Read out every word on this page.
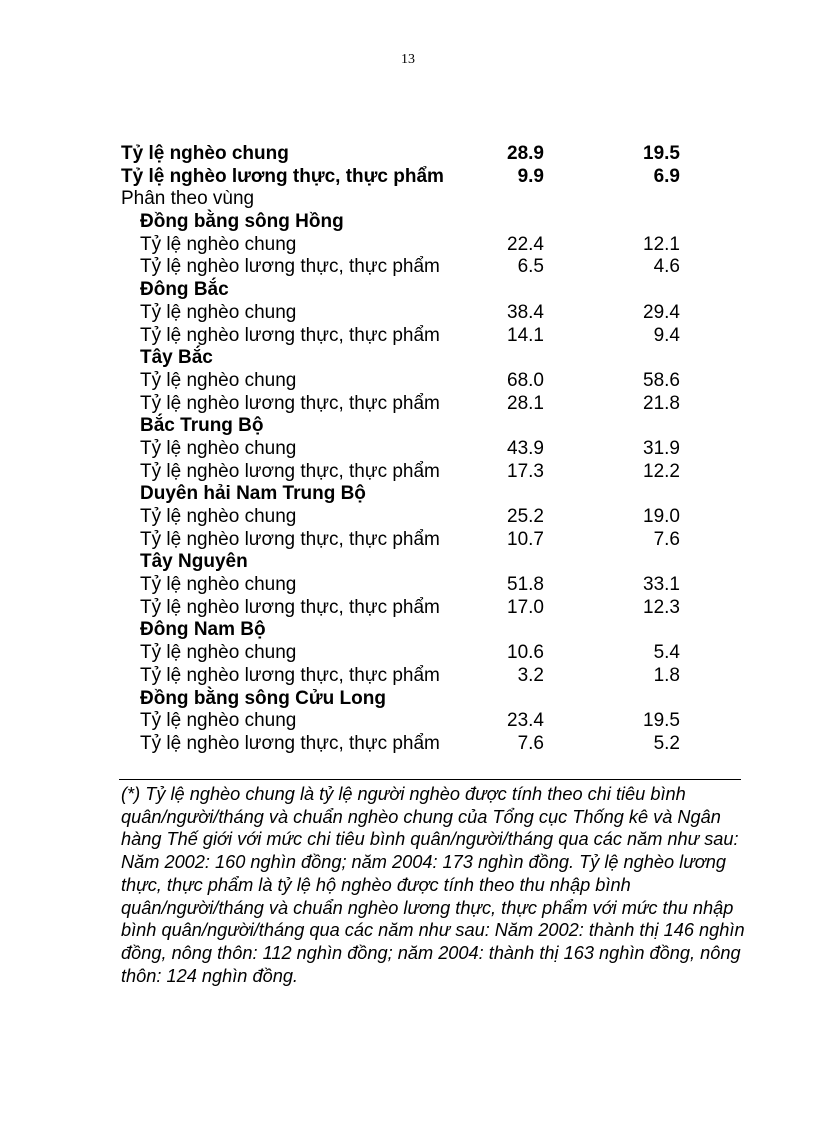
13
Tỷ lệ nghèo chung	28.9	19.5
Tỷ lệ nghèo lương thực, thực phẩm	9.9	6.9
Phân theo vùng
Đồng bằng sông Hồng
Tỷ lệ nghèo chung	22.4	12.1
Tỷ lệ nghèo lương thực, thực phẩm	6.5	4.6
Đông Bắc
Tỷ lệ nghèo chung	38.4	29.4
Tỷ lệ nghèo lương thực, thực phẩm	14.1	9.4
Tây Bắc
Tỷ lệ nghèo chung	68.0	58.6
Tỷ lệ nghèo lương thực, thực phẩm	28.1	21.8
Bắc Trung Bộ
Tỷ lệ nghèo chung	43.9	31.9
Tỷ lệ nghèo lương thực, thực phẩm	17.3	12.2
Duyên hải Nam Trung Bộ
Tỷ lệ nghèo chung	25.2	19.0
Tỷ lệ nghèo lương thực, thực phẩm	10.7	7.6
Tây Nguyên
Tỷ lệ nghèo chung	51.8	33.1
Tỷ lệ nghèo lương thực, thực phẩm	17.0	12.3
Đông Nam Bộ
Tỷ lệ nghèo chung	10.6	5.4
Tỷ lệ nghèo lương thực, thực phẩm	3.2	1.8
Đồng bằng sông Cửu Long
Tỷ lệ nghèo chung	23.4	19.5
Tỷ lệ nghèo lương thực, thực phẩm	7.6	5.2
(*) Tỷ lệ nghèo chung là tỷ lệ người nghèo được tính theo chi tiêu bình quân/người/tháng và chuẩn nghèo chung của Tổng cục Thống kê và Ngân hàng Thế giới với mức chi tiêu bình quân/người/tháng qua các năm như sau: Năm 2002: 160 nghìn đồng; năm 2004: 173 nghìn đồng. Tỷ lệ nghèo lương thực, thực phẩm là tỷ lệ hộ nghèo được tính theo thu nhập bình quân/người/tháng và chuẩn nghèo lương thực, thực phẩm với mức thu nhập bình quân/người/tháng qua các năm như sau: Năm 2002: thành thị 146 nghìn đồng, nông thôn: 112 nghìn đồng; năm 2004: thành thị 163 nghìn đồng, nông thôn: 124 nghìn đồng.
